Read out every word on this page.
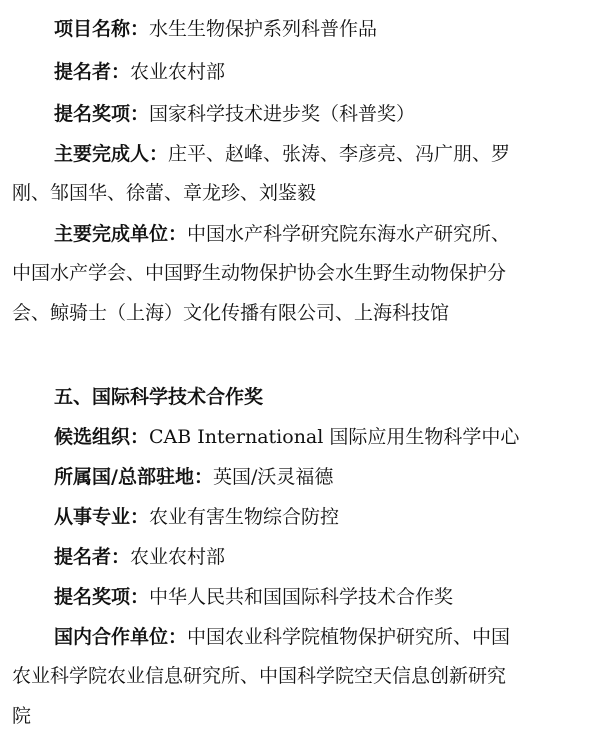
项目名称：水生生物保护系列科普作品
提名者：农业农村部
提名奖项：国家科学技术进步奖（科普奖）
主要完成人：庄平、赵峰、张涛、李彦亮、冯广朋、罗
刚、邹国华、徐蕾、章龙珍、刘鉴毅
主要完成单位：中国水产科学研究院东海水产研究所、
中国水产学会、中国野生动物保护协会水生野生动物保护分
会、鲸骑士（上海）文化传播有限公司、上海科技馆
五、国际科学技术合作奖
候选组织：CAB International 国际应用生物科学中心
所属国/总部驻地：英国/沃灵福德
从事专业：农业有害生物综合防控
提名者：农业农村部
提名奖项：中华人民共和国国际科学技术合作奖
国内合作单位：中国农业科学院植物保护研究所、中国
农业科学院农业信息研究所、中国科学院空天信息创新研究
院
